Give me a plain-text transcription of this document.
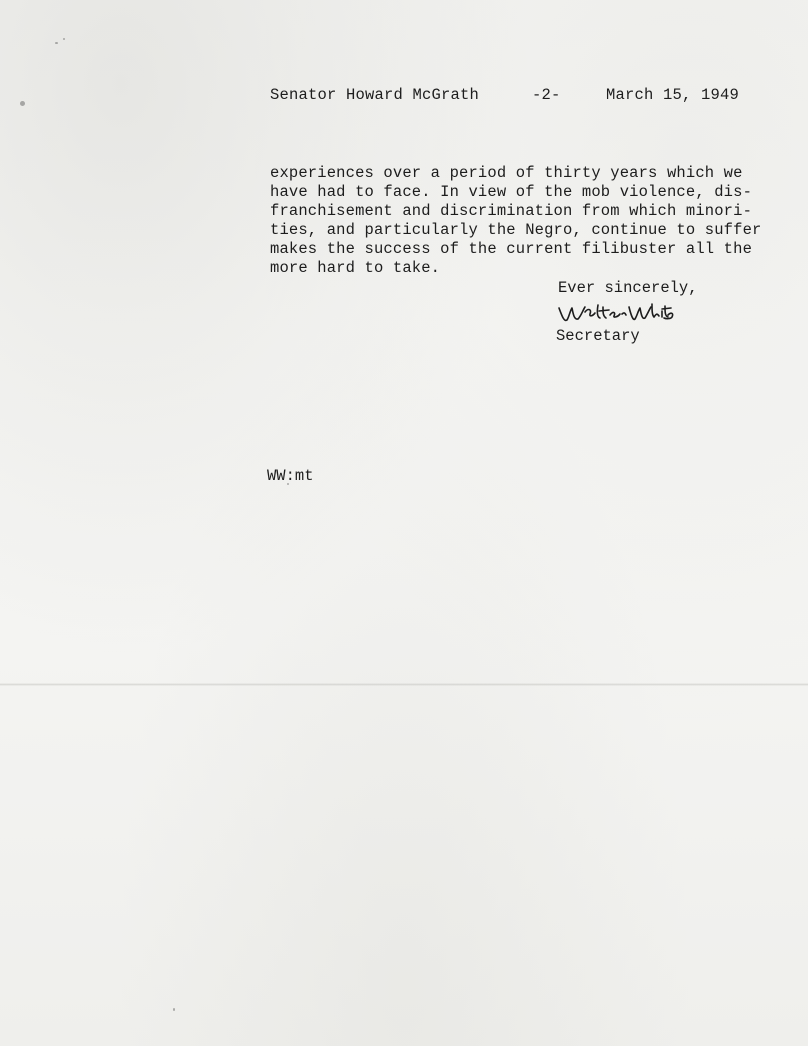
Senator Howard McGrath	-2-	March 15, 1949
experiences over a period of thirty years which we
have had to face. In view of the mob violence, dis-
franchisement and discrimination from which minori-
ties, and particularly the Negro, continue to suffer
makes the success of the current filibuster all the
more hard to take.
Ever sincerely,
Secretary
WW:mt
